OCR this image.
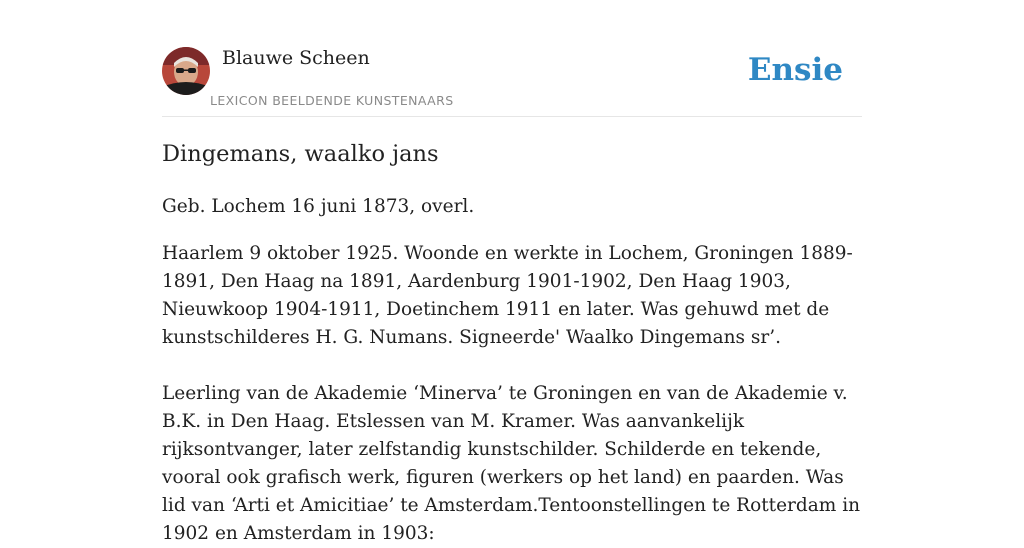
Blauwe Scheen
LEXICON BEELDENDE KUNSTENAARS
Ensie
Dingemans, waalko jans

Geb. Lochem 16 juni 1873, overl.

Haarlem 9 oktober 1925. Woonde en werkte in Lochem, Groningen 1889-1891, Den Haag na 1891, Aardenburg 1901-1902, Den Haag 1903, Nieuwkoop 1904-1911, Doetinchem 1911 en later. Was gehuwd met de kunstschilderes H. G. Numans. Signeerde' Waalko Dingemans sr’.

Leerling van de Akademie ‘Minerva’ te Groningen en van de Akademie v. B.K. in Den Haag. Etslessen van M. Kramer. Was aanvankelijk rijksontvanger, later zelfstandig kunstschilder. Schilderde en tekende, vooral ook grafisch werk, figuren (werkers op het land) en paarden. Was lid van ‘Arti et Amicitiae’ te Amsterdam.Tentoonstellingen te Rotterdam in 1902 en Amsterdam in 1903:
